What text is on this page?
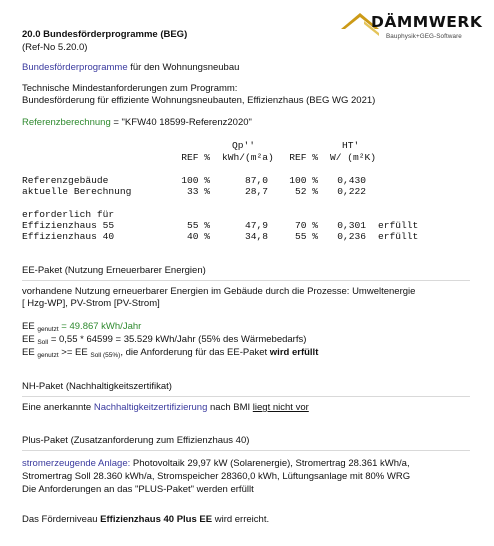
20.0 Bundesförderprogramme (BEG)
(Ref-No 5.20.0)
DÄMMWERK
Bauphysik+GEG-Software
Bundesförderprogramme für den Wohnungsneubau
Technische Mindestanforderungen zum Programm:
Bundesförderung für effiziente Wohnungsneubauten, Effizienzhaus (BEG WG 2021)
Referenzberechnung = "KFW40 18599-Referenz2020"
Qp''	HT'
REF % kWh/(m²a)	REF % W/ (m²K)
Referenzgebäude	100 %	87,0	100 %	0,430
aktuelle Berechnung	33 %	28,7	52 %	0,222
erforderlich für
Effizienzhaus 55	55 %	47,9	70 %	0,301 erfüllt
Effizienzhaus 40	40 %	34,8	55 %	0,236 erfüllt
EE-Paket (Nutzung Erneuerbarer Energien)
vorhandene Nutzung erneuerbarer Energien im Gebäude durch die Prozesse: Umweltenergie
[ Hzg-WP], PV-Strom [PV-Strom]
EE $_{genutzt}$ = 49.867 kWh/Jahr
EE $_{Soll}$ = 0,55 * 64599 = 35.529 kWh/Jahr (55% des Wärmebedarfs)
EE $_{genutzt}$ >= EE $_{Soll (55\%)}$, die Anforderung für das EE-Paket wird erfüllt
NH-Paket (Nachhaltigkeitszertifikat)
Eine anerkannte Nachhaltigkeitzertifizierung nach BMI liegt nicht vor
Plus-Paket (Zusatzanforderung zum Effizienzhaus 40)
stromerzeugende Anlage: Photovoltaik 29,97 kW (Solarenergie), Stromertrag 28.361 kWh/a,
Stromertrag Soll 28.360 kWh/a, Stromspeicher 28360,0 kWh, Lüftungsanlage mit 80% WRG
Die Anforderungen an das "PLUS-Paket" werden erfüllt
Das Förderniveau Effizienzhaus 40 Plus EE wird erreicht.
